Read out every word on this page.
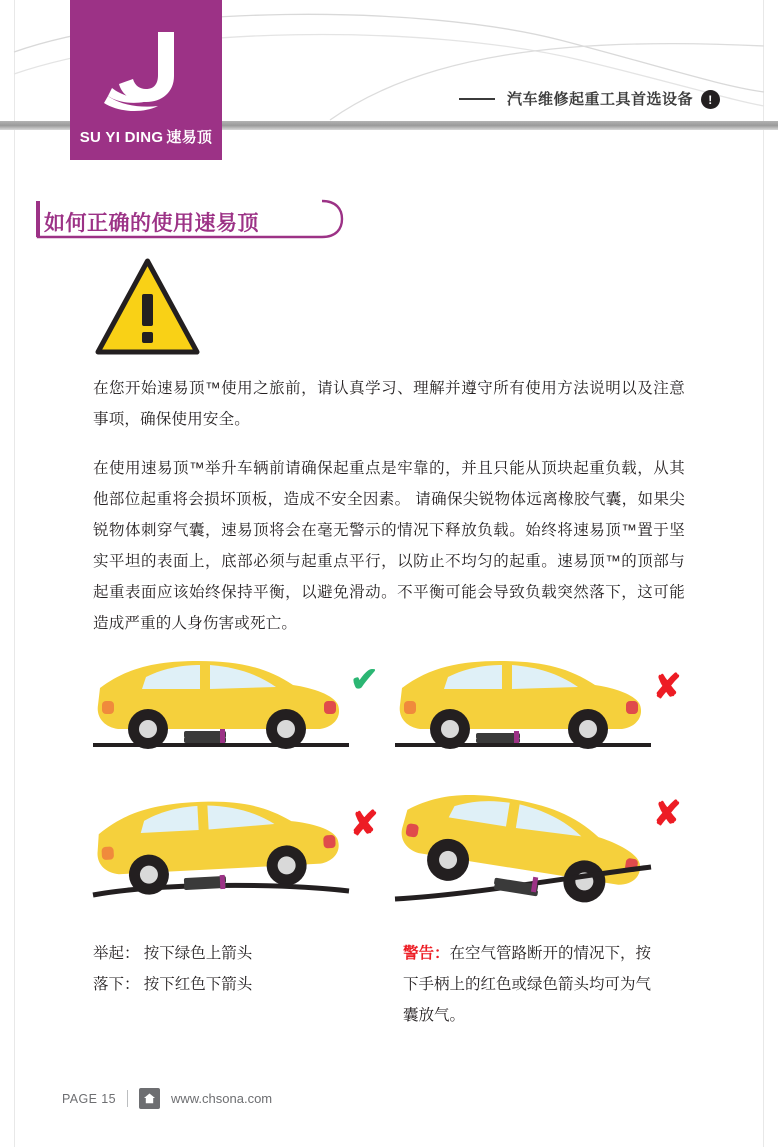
汽车维修起重工具首选设备	!
SU YI DING 速易顶
如何正确的使用速易顶
在您开始速易顶™使用之旅前，请认真学习、理解并遵守所有使用方法说明以及注意事项，确保使用安全。
在使用速易顶™举升车辆前请确保起重点是牢靠的，并且只能从顶块起重负载，从其他部位起重将会损坏顶板，造成不安全因素。 请确保尖锐物体远离橡胶气囊，如果尖锐物体刺穿气囊，速易顶将会在毫无警示的情况下释放负载。始终将速易顶™置于坚实平坦的表面上，底部必须与起重点平行，以防止不均匀的起重。速易顶™的顶部与起重表面应该始终保持平衡，以避免滑动。不平衡可能会导致负载突然落下，这可能造成严重的人身伤害或死亡。
✔	✘
✘	✘
举起： 按下绿色上箭头
落下： 按下红色下箭头
警告：在空气管路断开的情况下，按下手柄上的红色或绿色箭头均可为气囊放气。
PAGE 15	www.chsona.com
